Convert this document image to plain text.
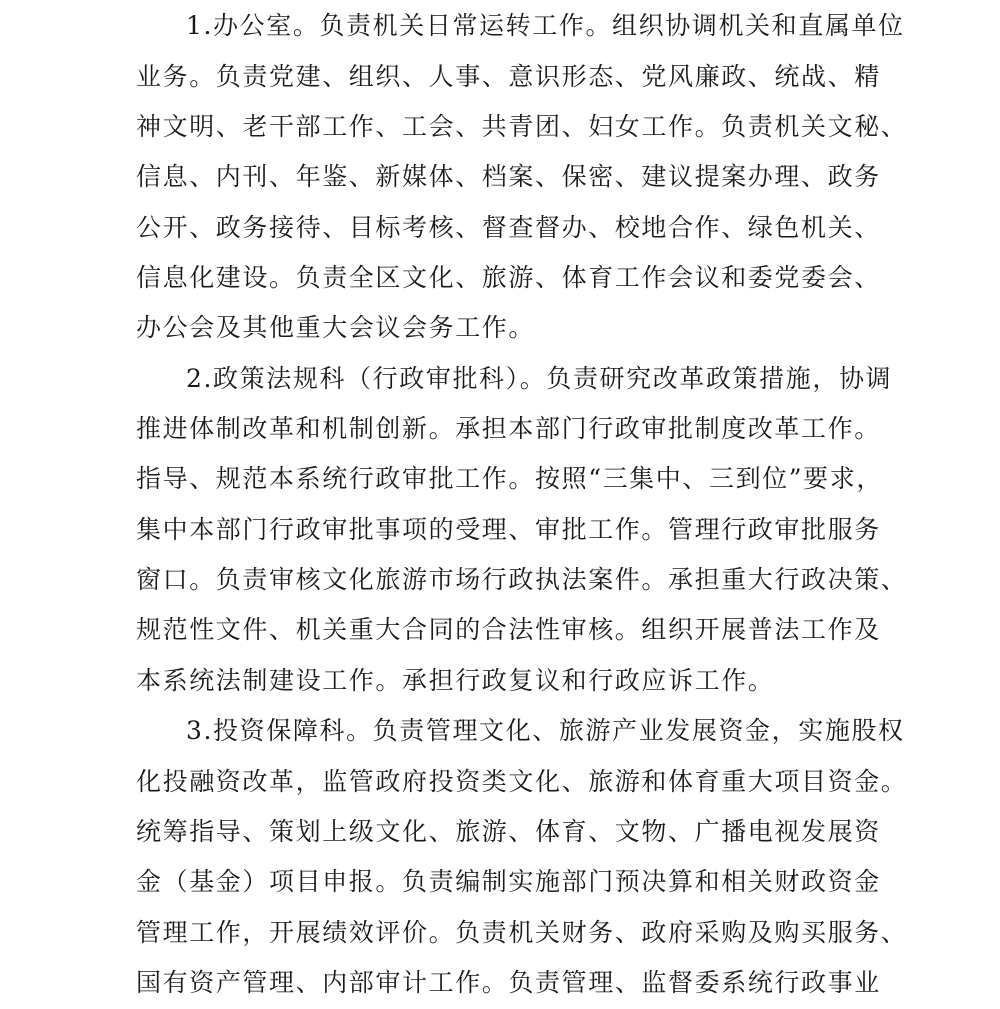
1.办公室。负责机关日常运转工作。组织协调机关和直属单位
业务。负责党建、组织、人事、意识形态、党风廉政、统战、精
神文明、老干部工作、工会、共青团、妇女工作。负责机关文秘、
信息、内刊、年鉴、新媒体、档案、保密、建议提案办理、政务
公开、政务接待、目标考核、督查督办、校地合作、绿色机关、
信息化建设。负责全区文化、旅游、体育工作会议和委党委会、
办公会及其他重大会议会务工作。
2.政策法规科（行政审批科）。负责研究改革政策措施，协调
推进体制改革和机制创新。承担本部门行政审批制度改革工作。
指导、规范本系统行政审批工作。按照“三集中、三到位”要求，
集中本部门行政审批事项的受理、审批工作。管理行政审批服务
窗口。负责审核文化旅游市场行政执法案件。承担重大行政决策、
规范性文件、机关重大合同的合法性审核。组织开展普法工作及
本系统法制建设工作。承担行政复议和行政应诉工作。
3.投资保障科。负责管理文化、旅游产业发展资金，实施股权
化投融资改革，监管政府投资类文化、旅游和体育重大项目资金。
统筹指导、策划上级文化、旅游、体育、文物、广播电视发展资
金（基金）项目申报。负责编制实施部门预决算和相关财政资金
管理工作，开展绩效评价。负责机关财务、政府采购及购买服务、
国有资产管理、内部审计工作。负责管理、监督委系统行政事业
